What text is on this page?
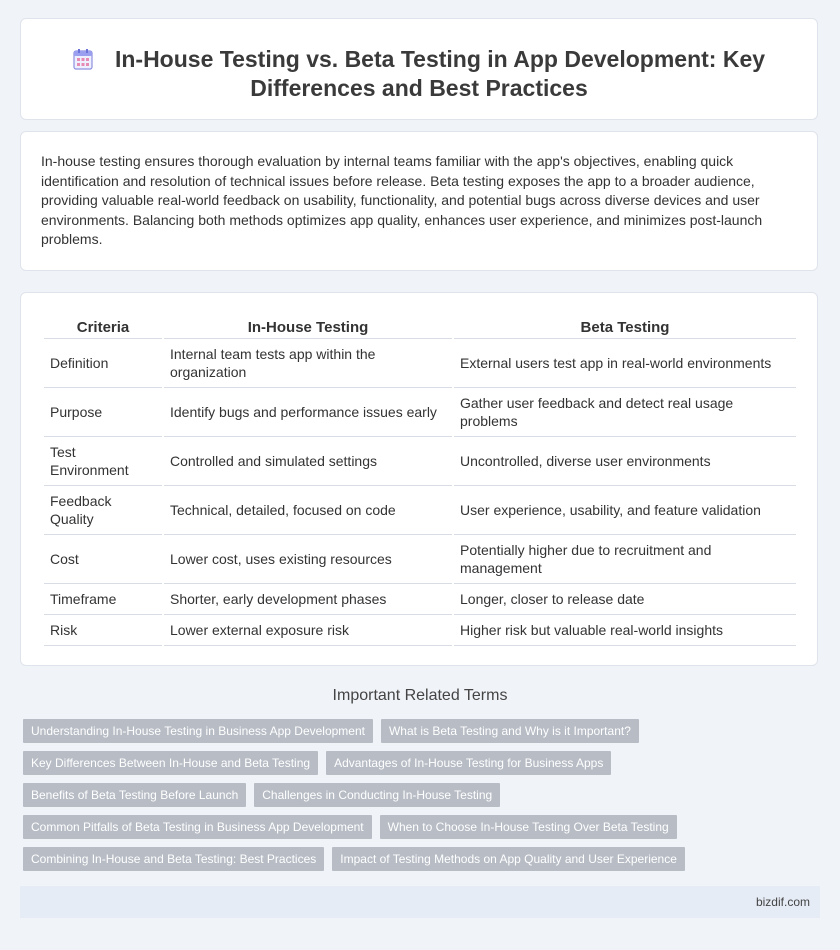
In-House Testing vs. Beta Testing in App Development: Key Differences and Best Practices

In-house testing ensures thorough evaluation by internal teams familiar with the app's objectives, enabling quick identification and resolution of technical issues before release. Beta testing exposes the app to a broader audience, providing valuable real-world feedback on usability, functionality, and potential bugs across diverse devices and user environments. Balancing both methods optimizes app quality, enhances user experience, and minimizes post-launch problems.

Criteria	In-House Testing	Beta Testing
Definition	Internal team tests app within the organization	External users test app in real-world environments
Purpose	Identify bugs and performance issues early	Gather user feedback and detect real usage problems
Test Environment	Controlled and simulated settings	Uncontrolled, diverse user environments
Feedback Quality	Technical, detailed, focused on code	User experience, usability, and feature validation
Cost	Lower cost, uses existing resources	Potentially higher due to recruitment and management
Timeframe	Shorter, early development phases	Longer, closer to release date
Risk	Lower external exposure risk	Higher risk but valuable real-world insights
Important Related Terms
Understanding In-House Testing in Business App Development	What is Beta Testing and Why is it Important?
Key Differences Between In-House and Beta Testing	Advantages of In-House Testing for Business Apps
Benefits of Beta Testing Before Launch	Challenges in Conducting In-House Testing
Common Pitfalls of Beta Testing in Business App Development	When to Choose In-House Testing Over Beta Testing
Combining In-House and Beta Testing: Best Practices	Impact of Testing Methods on App Quality and User Experience
bizdif.com
